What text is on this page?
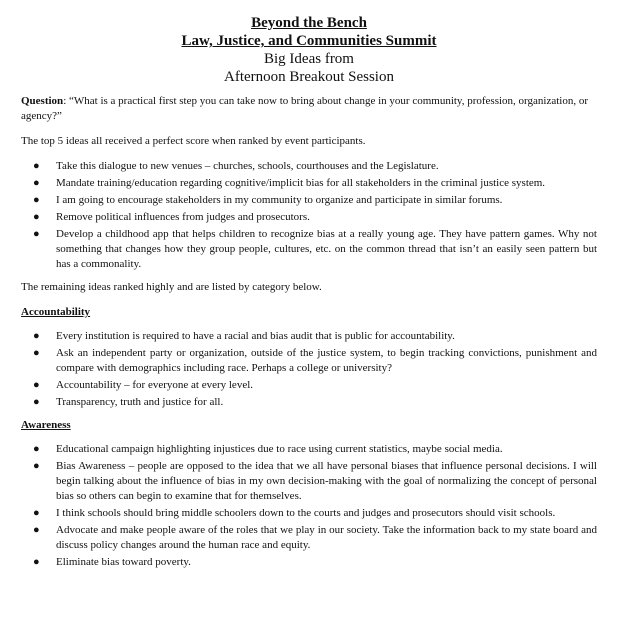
Beyond the Bench
Law, Justice, and Communities Summit
Big Ideas from
Afternoon Breakout Session

Question: “What is a practical first step you can take now to bring about change in your community, profession, organization, or agency?”

The top 5 ideas all received a perfect score when ranked by event participants.

● Take this dialogue to new venues – churches, schools, courthouses and the Legislature.
● Mandate training/education regarding cognitive/implicit bias for all stakeholders in the criminal justice system.
● I am going to encourage stakeholders in my community to organize and participate in similar forums.
● Remove political influences from judges and prosecutors.
● Develop a childhood app that helps children to recognize bias at a really young age. They have pattern games. Why not something that changes how they group people, cultures, etc. on the common thread that isn’t an easily seen pattern but has a commonality.

The remaining ideas ranked highly and are listed by category below.

Accountability
● Every institution is required to have a racial and bias audit that is public for accountability.
● Ask an independent party or organization, outside of the justice system, to begin tracking convictions, punishment and compare with demographics including race. Perhaps a college or university?
● Accountability – for everyone at every level.
● Transparency, truth and justice for all.
Awareness
● Educational campaign highlighting injustices due to race using current statistics, maybe social media.
● Bias Awareness – people are opposed to the idea that we all have personal biases that influence personal decisions. I will begin talking about the influence of bias in my own decision-making with the goal of normalizing the concept of personal bias so others can begin to examine that for themselves.
● I think schools should bring middle schoolers down to the courts and judges and prosecutors should visit schools.
● Advocate and make people aware of the roles that we play in our society. Take the information back to my state board and discuss policy changes around the human race and equity.
● Eliminate bias toward poverty.
